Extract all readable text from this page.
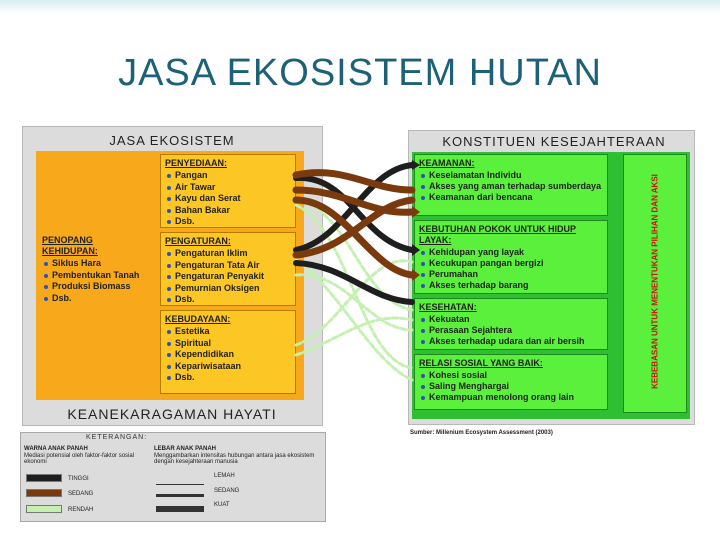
JASA EKOSISTEM HUTAN
JASA EKOSISTEM
KEANEKARAGAMAN HAYATI
PENOPANG KEHIDUPAN:
Siklus Hara
Pembentukan Tanah
Produksi Biomass
Dsb.
PENYEDIAAN:
Pangan
Air Tawar
Kayu dan Serat
Bahan Bakar
Dsb.
PENGATURAN:
Pengaturan Iklim
Pengaturan Tata Air
Pengaturan Penyakit
Pemurnian Oksigen
Dsb.
KEBUDAYAAN:
Estetika
Spiritual
Kependidikan
Kepariwisataan
Dsb.
KONSTITUEN KESEJAHTERAAN
KEAMANAN:
Keselamatan Individu
Akses yang aman terhadap sumberdaya
Keamanan dari bencana
KEBUTUHAN POKOK UNTUK HIDUP LAYAK:
Kehidupan yang layak
Kecukupan pangan bergizi
Perumahan
Akses terhadap barang
KESEHATAN:
Kekuatan
Perasaan Sejahtera
Akses terhadap udara dan air bersih
RELASI SOSIAL YANG BAIK:
Kohesi sosial
Saling Menghargai
Kemampuan menolong orang lain
KEBEBASAN UNTUK MENENTUKAN PILIHAN DAN AKSI
Sumber: Millenium Ecosystem Assessment (2003)
KETERANGAN:
WARNA ANAK PANAH
Mediasi potensial oleh faktor-faktor sosial ekonomi
LEBAR ANAK PANAH
Menggambarkan intensitas hubungan antara jasa ekosistem dengan kesejahteraan manusia
TINGGI
SEDANG
RENDAH
LEMAH
SEDANG
KUAT
